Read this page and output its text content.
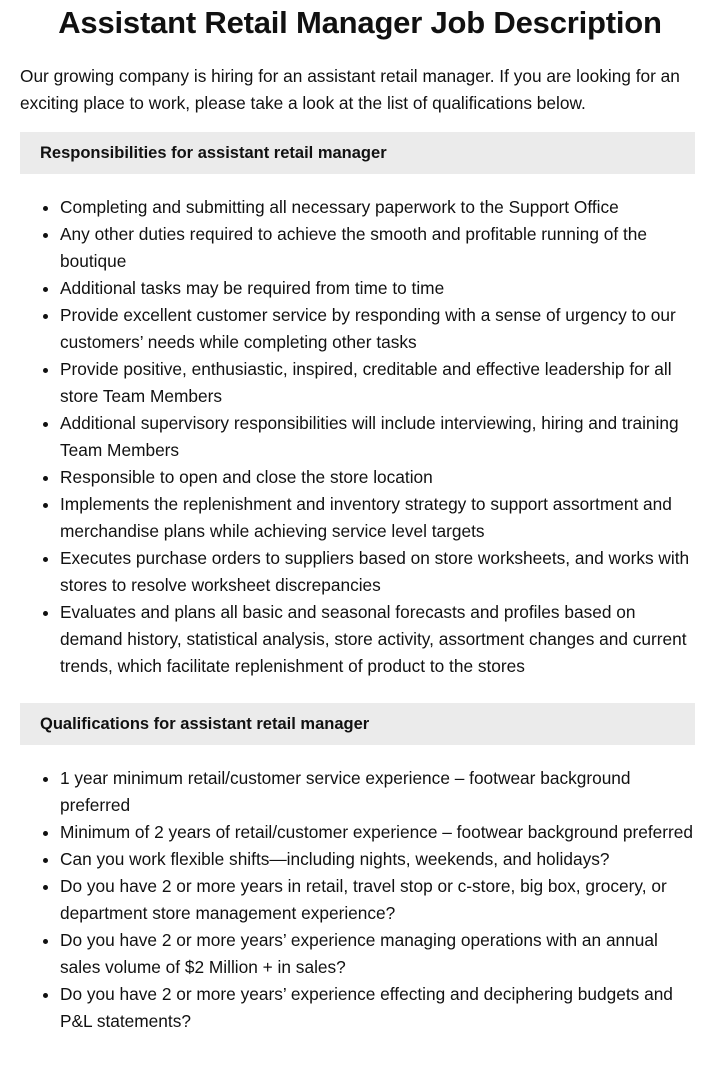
Assistant Retail Manager Job Description

Our growing company is hiring for an assistant retail manager. If you are looking for an exciting place to work, please take a look at the list of qualifications below.

Responsibilities for assistant retail manager
• Completing and submitting all necessary paperwork to the Support Office
• Any other duties required to achieve the smooth and profitable running of the boutique
• Additional tasks may be required from time to time
• Provide excellent customer service by responding with a sense of urgency to our customers’ needs while completing other tasks
• Provide positive, enthusiastic, inspired, creditable and effective leadership for all store Team Members
• Additional supervisory responsibilities will include interviewing, hiring and training Team Members
• Responsible to open and close the store location
• Implements the replenishment and inventory strategy to support assortment and merchandise plans while achieving service level targets
• Executes purchase orders to suppliers based on store worksheets, and works with stores to resolve worksheet discrepancies
• Evaluates and plans all basic and seasonal forecasts and profiles based on demand history, statistical analysis, store activity, assortment changes and current trends, which facilitate replenishment of product to the stores
Qualifications for assistant retail manager
• 1 year minimum retail/customer service experience – footwear background preferred
• Minimum of 2 years of retail/customer experience – footwear background preferred
• Can you work flexible shifts—including nights, weekends, and holidays?
• Do you have 2 or more years in retail, travel stop or c-store, big box, grocery, or department store management experience?
• Do you have 2 or more years’ experience managing operations with an annual sales volume of $2 Million + in sales?
• Do you have 2 or more years’ experience effecting and deciphering budgets and P&L statements?
